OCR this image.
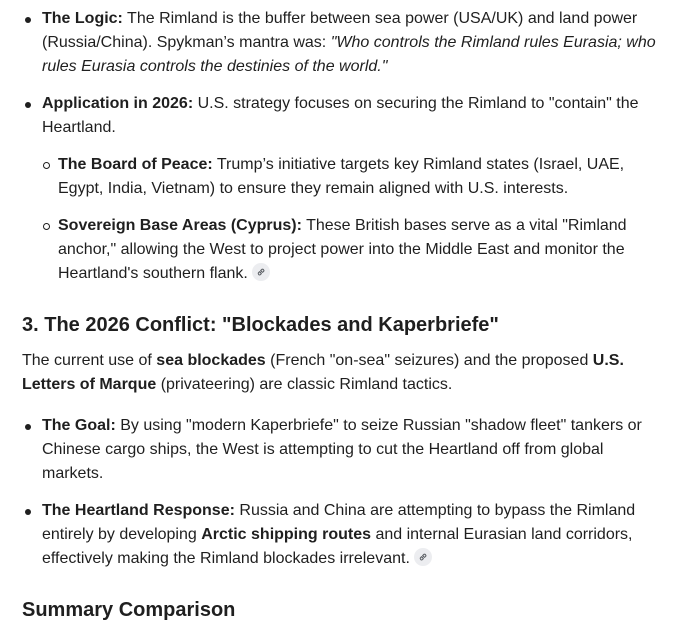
The Logic: The Rimland is the buffer between sea power (USA/UK) and land power (Russia/China). Spykman’s mantra was: "Who controls the Rimland rules Eurasia; who rules Eurasia controls the destinies of the world."
Application in 2026: U.S. strategy focuses on securing the Rimland to "contain" the Heartland.
The Board of Peace: Trump’s initiative targets key Rimland states (Israel, UAE, Egypt, India, Vietnam) to ensure they remain aligned with U.S. interests.
Sovereign Base Areas (Cyprus): These British bases serve as a vital "Rimland anchor," allowing the West to project power into the Middle East and monitor the Heartland's southern flank.
3. The 2026 Conflict: "Blockades and Kaperbriefe"
The current use of sea blockades (French "on-sea" seizures) and the proposed U.S. Letters of Marque (privateering) are classic Rimland tactics.
The Goal: By using "modern Kaperbriefe" to seize Russian "shadow fleet" tankers or Chinese cargo ships, the West is attempting to cut the Heartland off from global markets.
The Heartland Response: Russia and China are attempting to bypass the Rimland entirely by developing Arctic shipping routes and internal Eurasian land corridors, effectively making the Rimland blockades irrelevant.
Summary Comparison
